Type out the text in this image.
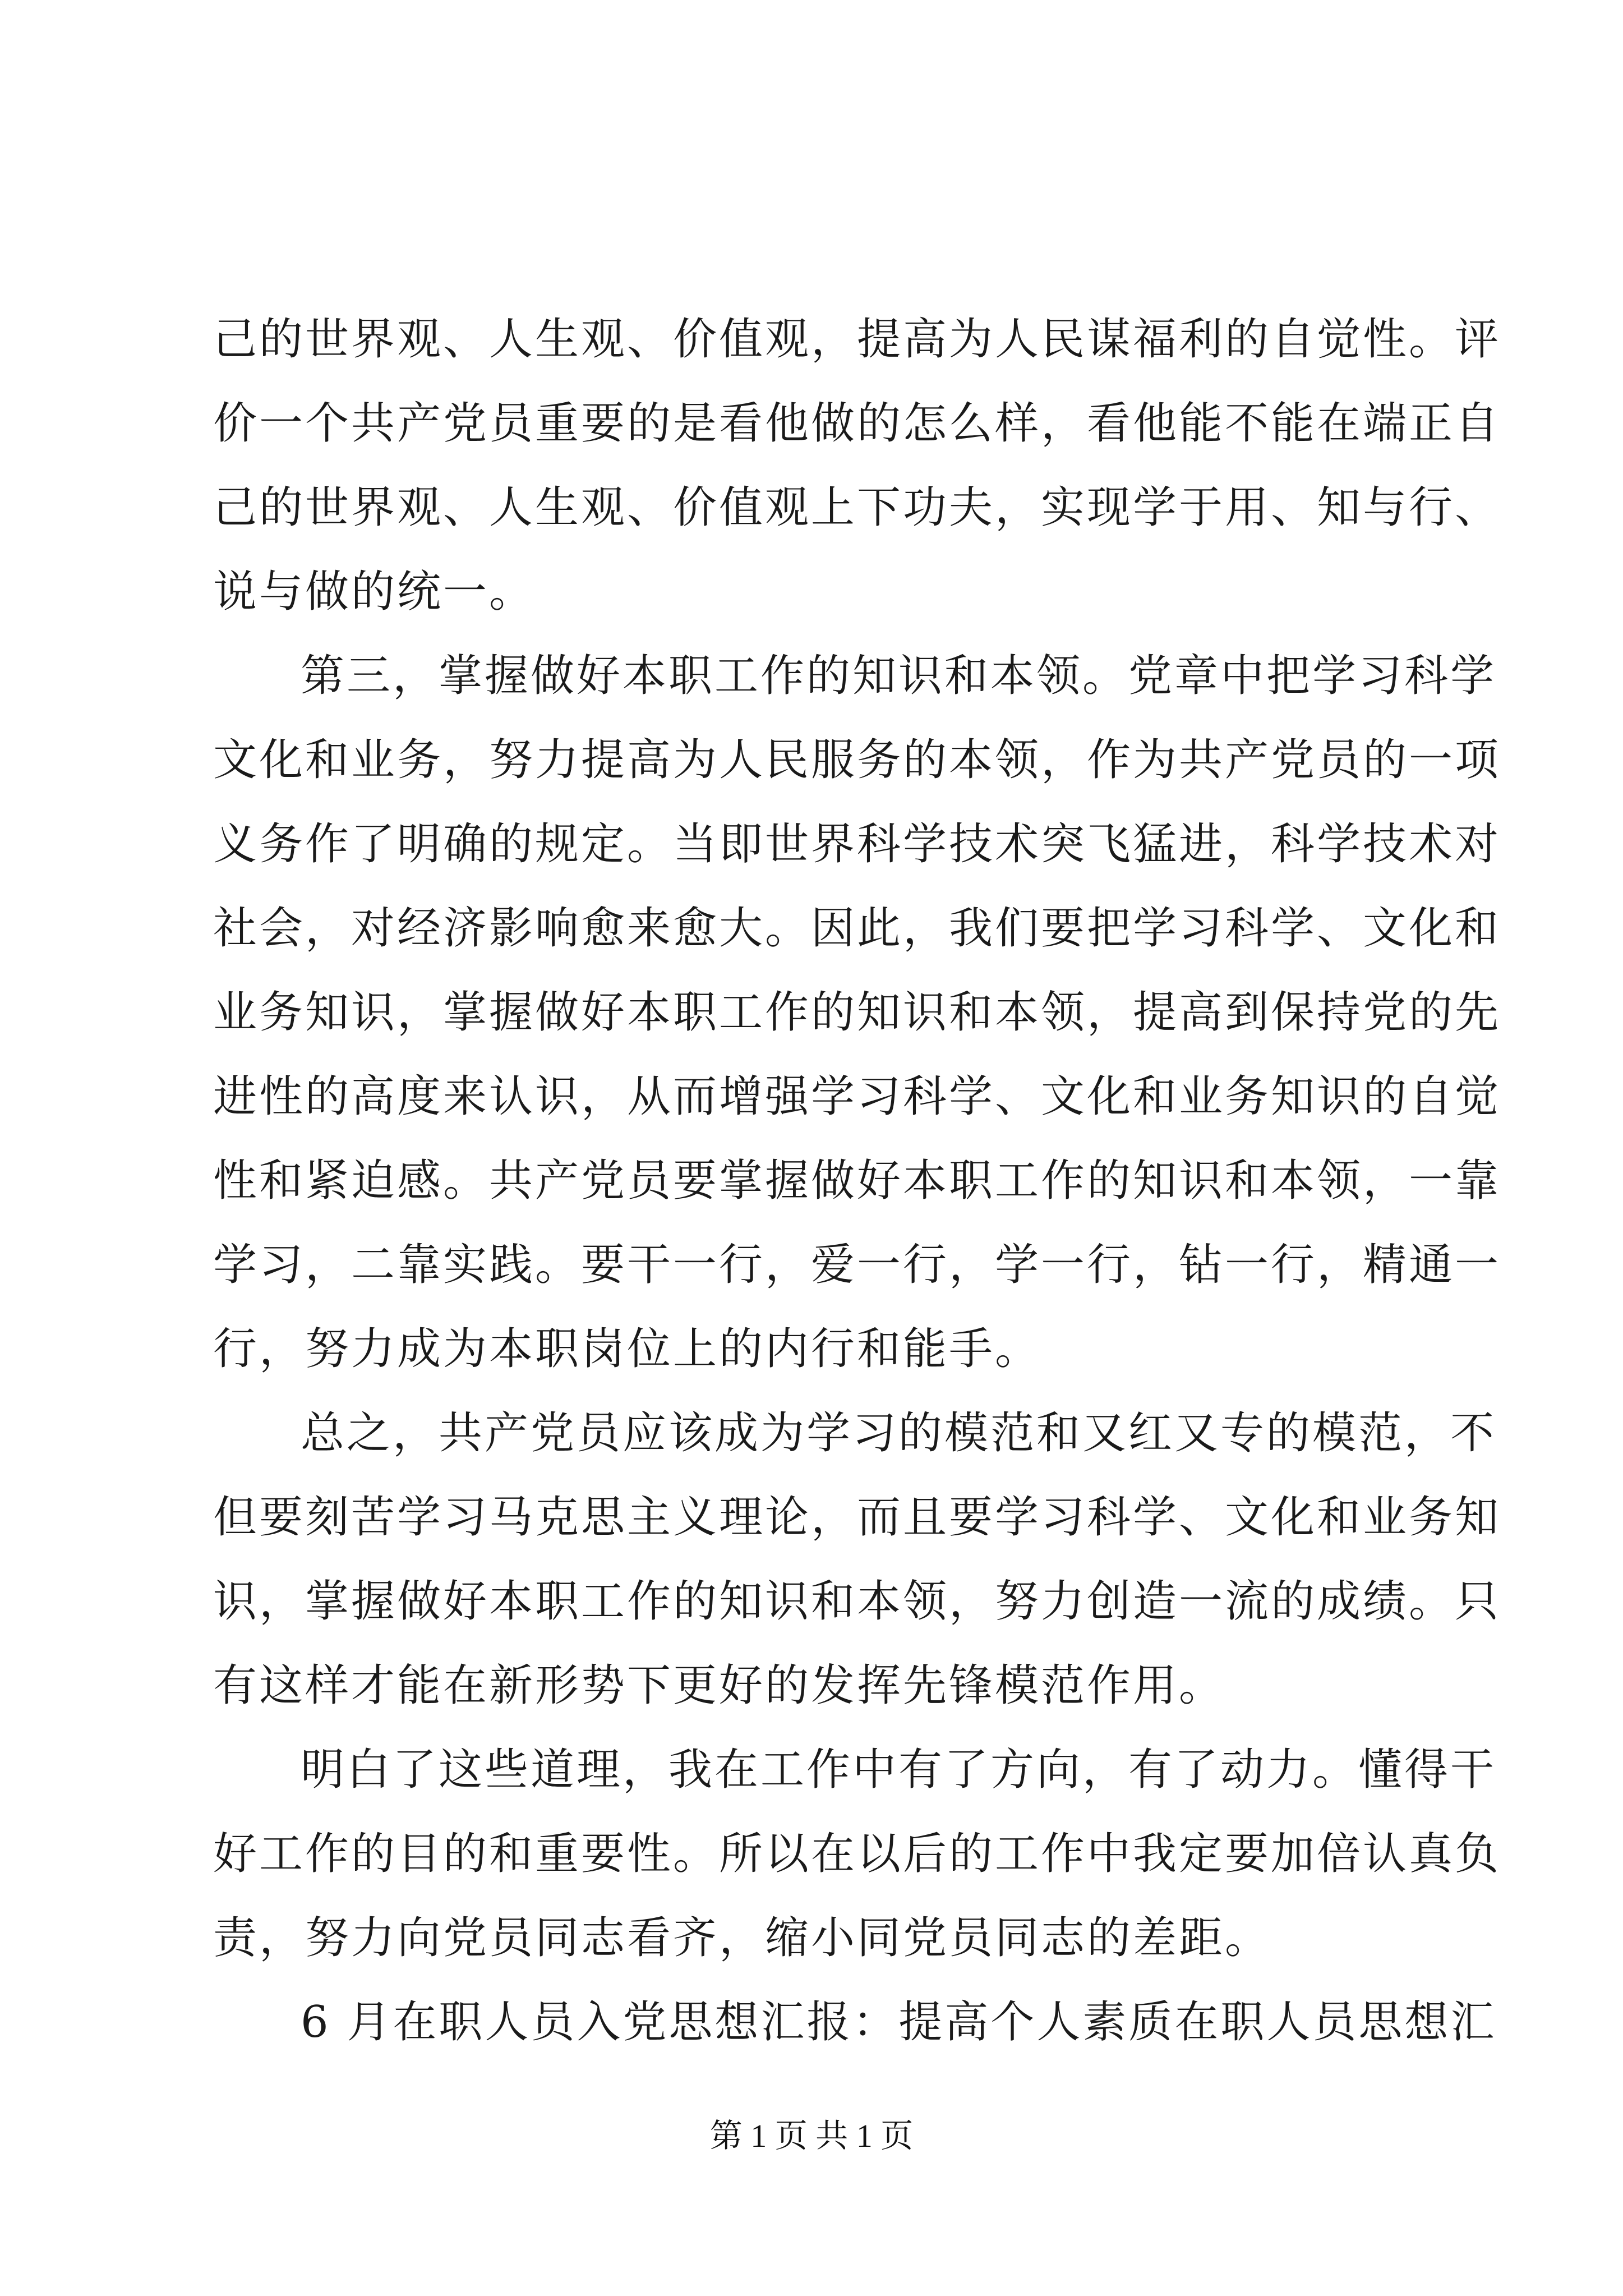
己的世界观、人生观、价值观，提高为人民谋福利的自觉性。评
价一个共产党员重要的是看他做的怎么样，看他能不能在端正自
己的世界观、人生观、价值观上下功夫，实现学于用、知与行、
说与做的统一。
第三，掌握做好本职工作的知识和本领。党章中把学习科学
文化和业务，努力提高为人民服务的本领，作为共产党员的一项
义务作了明确的规定。当即世界科学技术突飞猛进，科学技术对
社会，对经济影响愈来愈大。因此，我们要把学习科学、文化和
业务知识，掌握做好本职工作的知识和本领，提高到保持党的先
进性的高度来认识，从而增强学习科学、文化和业务知识的自觉
性和紧迫感。共产党员要掌握做好本职工作的知识和本领，一靠
学习，二靠实践。要干一行，爱一行，学一行，钻一行，精通一
行，努力成为本职岗位上的内行和能手。
总之，共产党员应该成为学习的模范和又红又专的模范，不
但要刻苦学习马克思主义理论，而且要学习科学、文化和业务知
识，掌握做好本职工作的知识和本领，努力创造一流的成绩。只
有这样才能在新形势下更好的发挥先锋模范作用。
明白了这些道理，我在工作中有了方向，有了动力。懂得干
好工作的目的和重要性。所以在以后的工作中我定要加倍认真负
责，努力向党员同志看齐，缩小同党员同志的差距。
6 月在职人员入党思想汇报：提高个人素质在职人员思想汇
第 1 页 共 1 页
